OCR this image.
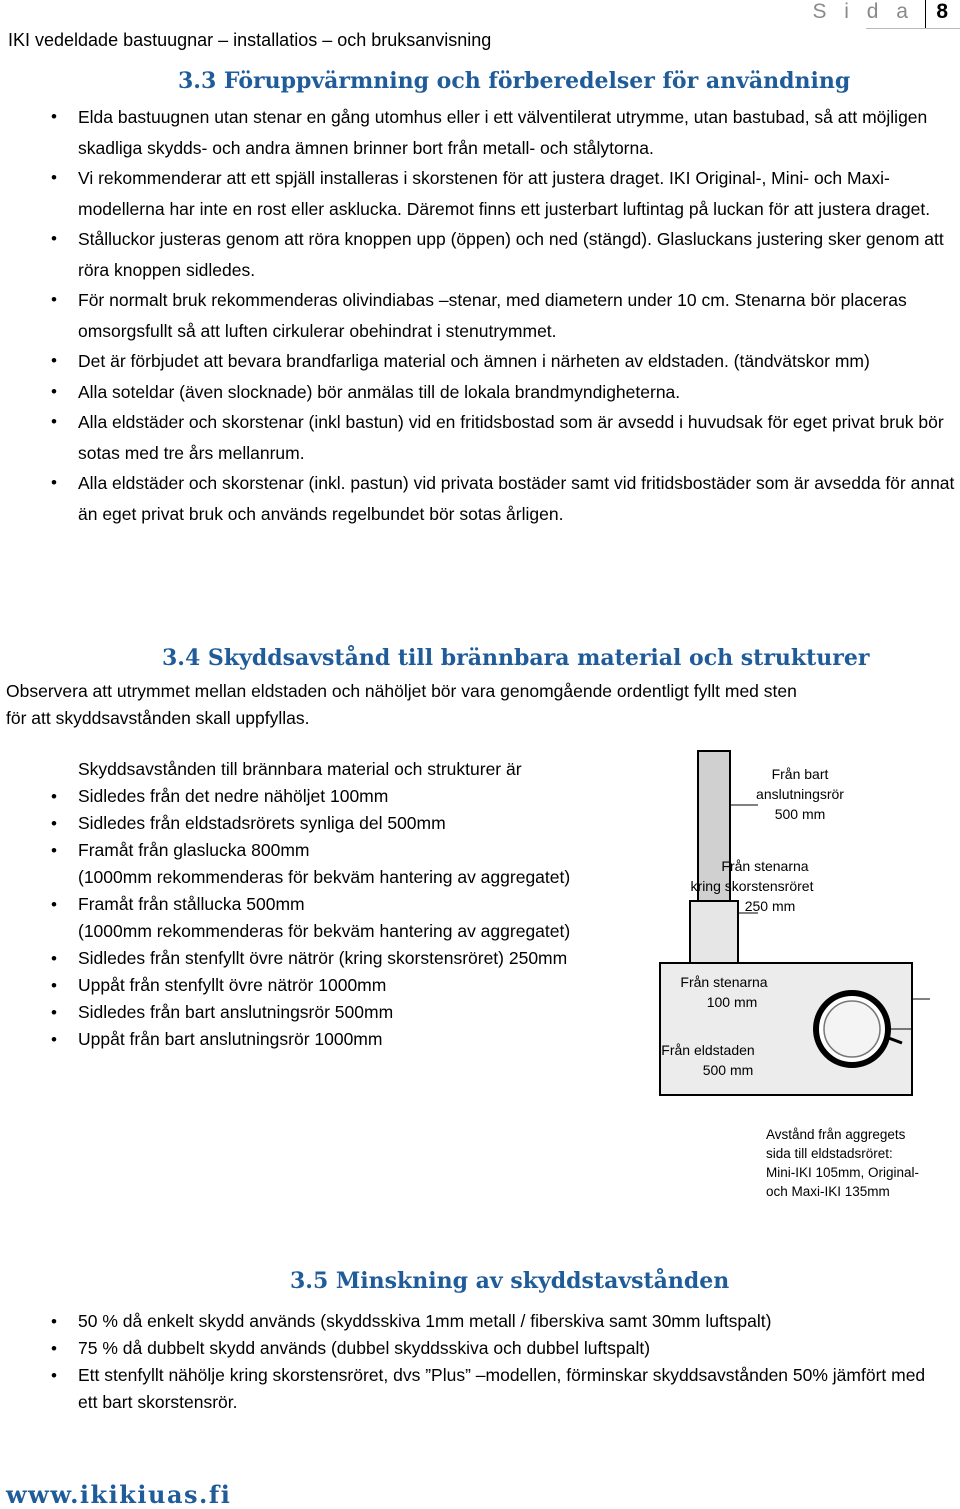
S i d a	8
IKI vedeldade bastuugnar – installatios – och bruksanvisning
3.3 Föruppvärmning och förberedelser för användning
• Elda bastuugnen utan stenar en gång utomhus eller i ett välventilerat utrymme, utan bastubad, så att möjligen skadliga skydds- och andra ämnen brinner bort från metall- och stålytorna.
• Vi rekommenderar att ett spjäll installeras i skorstenen för att justera draget. IKI Original-, Mini- och Maxi-modellerna har inte en rost eller asklucka. Däremot finns ett justerbart luftintag på luckan för att justera draget.
• Stålluckor justeras genom att röra knoppen upp (öppen) och ned (stängd). Glasluckans justering sker genom att röra knoppen sidledes.
• För normalt bruk rekommenderas olivindiabas –stenar, med diametern under 10 cm. Stenarna bör placeras omsorgsfullt så att luften cirkulerar obehindrat i stenutrymmet.
• Det är förbjudet att bevara brandfarliga material och ämnen i närheten av eldstaden. (tändvätskor mm)
• Alla soteldar (även slocknade) bör anmälas till de lokala brandmyndigheterna.
• Alla eldstäder och skorstenar (inkl bastun) vid en fritidsbostad som är avsedd i huvudsak för eget privat bruk bör sotas med tre års mellanrum.
• Alla eldstäder och skorstenar (inkl. pastun) vid privata bostäder samt vid fritidsbostäder som är avsedda för annat än eget privat bruk och används regelbundet bör sotas årligen.
3.4 Skyddsavstånd till brännbara material och strukturer
Observera att utrymmet mellan eldstaden och nähöljet bör vara genomgående ordentligt fyllt med sten för att skyddsavstånden skall uppfyllas.
Skyddsavstånden till brännbara material och strukturer är
• Sidledes från det nedre nähöljet 100mm
• Sidledes från eldstadsrörets synliga del 500mm
• Framåt från glaslucka 800mm
(1000mm rekommenderas för bekväm hantering av aggregatet)
• Framåt från stållucka 500mm
(1000mm rekommenderas för bekväm hantering av aggregatet)
• Sidledes från stenfyllt övre nätrör (kring skorstensröret) 250mm
• Uppåt från stenfyllt övre nätrör 1000mm
• Sidledes från bart anslutningsrör 500mm
• Uppåt från bart anslutningsrör 1000mm
Från bart
anslutningsrör
500 mm
Från stenarna
kring skorstensröret
250 mm
Från stenarna
100 mm
Från eldstaden
500 mm
Avstånd från aggregets
sida till eldstadsröret:
Mini-IKI 105mm, Original-
och Maxi-IKI 135mm
3.5 Minskning av skyddstavstånden
• 50 % då enkelt skydd används (skyddsskiva 1mm metall / fiberskiva samt 30mm luftspalt)
• 75 % då dubbelt skydd används (dubbel skyddsskiva och dubbel luftspalt)
• Ett stenfyllt nähölje kring skorstensröret, dvs ”Plus” –modellen, förminskar skyddsavstånden 50% jämfört med ett bart skorstensrör.
www.ikikiuas.fi
